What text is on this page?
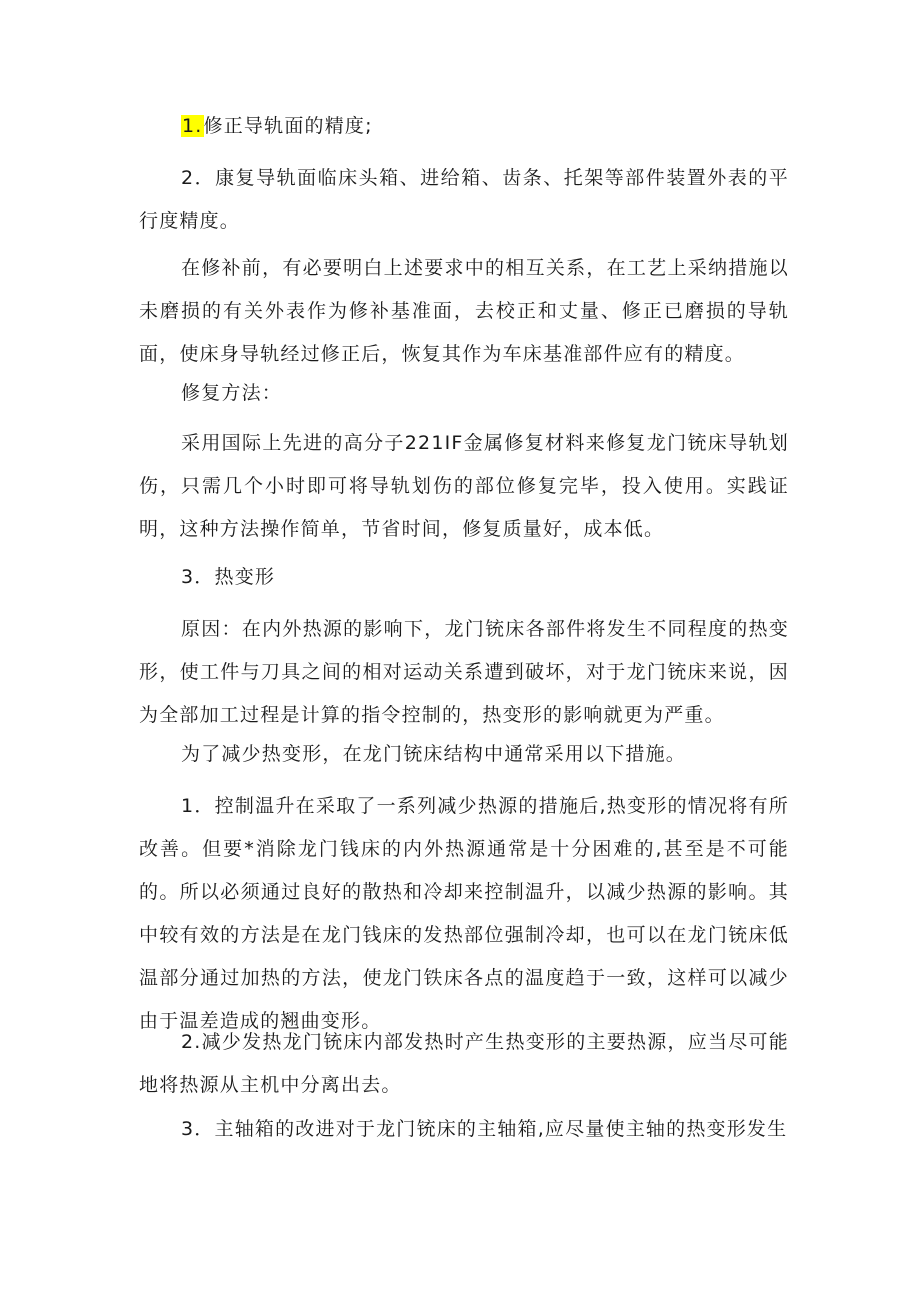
1.修正导轨面的精度;

2．康复导轨面临床头箱、进给箱、齿条、托架等部件装置外表的平行度精度。

在修补前，有必要明白上述要求中的相互关系，在工艺上采纳措施以未磨损的有关外表作为修补基准面，去校正和丈量、修正已磨损的导轨面，使床身导轨经过修正后，恢复其作为车床基准部件应有的精度。

修复方法：

采用国际上先进的高分子221IF金属修复材料来修复龙门铳床导轨划伤，只需几个小时即可将导轨划伤的部位修复完毕，投入使用。实践证明，这种方法操作简单，节省时间，修复质量好，成本低。

3．热变形

原因：在内外热源的影响下，龙门铳床各部件将发生不同程度的热变形，使工件与刀具之间的相对运动关系遭到破坏，对于龙门铳床来说，因为全部加工过程是计算的指令控制的，热变形的影响就更为严重。

为了减少热变形，在龙门铳床结构中通常采用以下措施。

1．控制温升在采取了一系列减少热源的措施后,热变形的情况将有所改善。但要*消除龙门钱床的内外热源通常是十分困难的,甚至是不可能的。所以必须通过良好的散热和冷却来控制温升，以减少热源的影响。其中较有效的方法是在龙门钱床的发热部位强制冷却，也可以在龙门铳床低温部分通过加热的方法，使龙门铁床各点的温度趋于一致，这样可以减少由于温差造成的翘曲变形。

2.减少发热龙门铳床内部发热时产生热变形的主要热源，应当尽可能地将热源从主机中分离出去。

3．主轴箱的改进对于龙门铳床的主轴箱,应尽量使主轴的热变形发生
